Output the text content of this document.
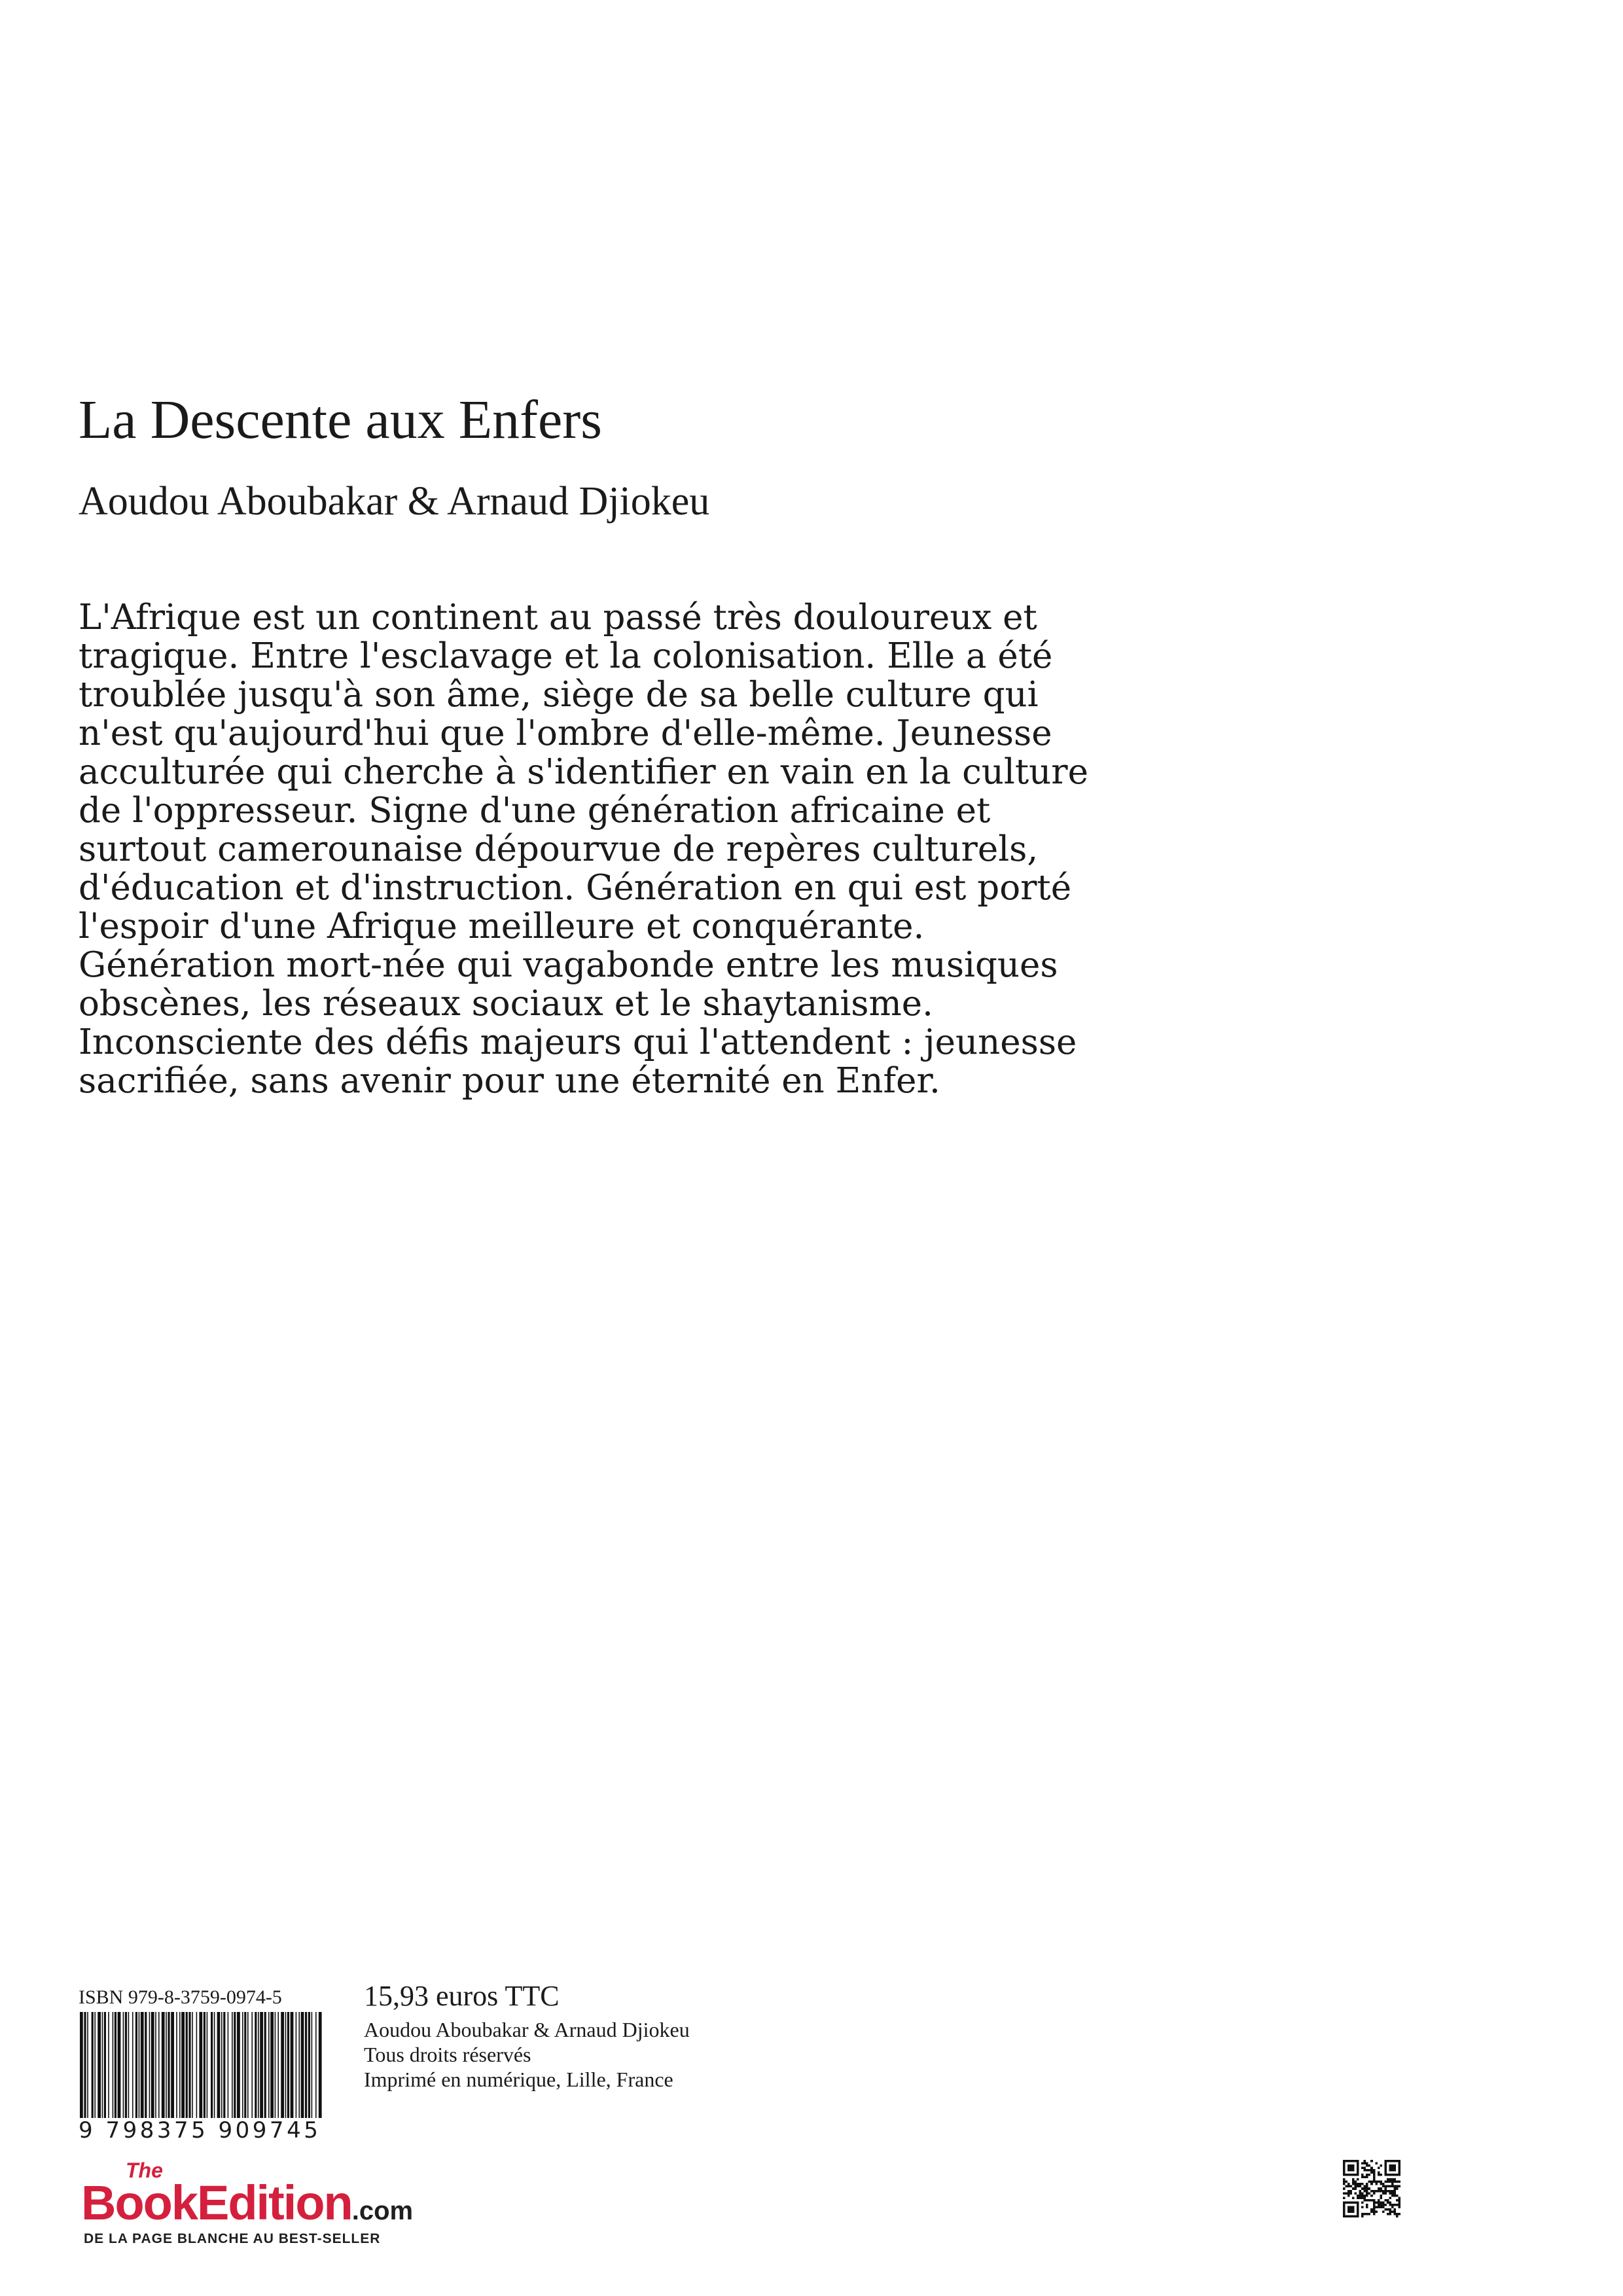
La Descente aux Enfers
Aoudou Aboubakar & Arnaud Djiokeu
L'Afrique est un continent au passé très douloureux et
tragique. Entre l'esclavage et la colonisation. Elle a été
troublée jusqu'à son âme, siège de sa belle culture qui
n'est qu'aujourd'hui que l'ombre d'elle-même. Jeunesse
acculturée qui cherche à s'identifier en vain en la culture
de l'oppresseur. Signe d'une génération africaine et
surtout camerounaise dépourvue de repères culturels,
d'éducation et d'instruction. Génération en qui est porté
l'espoir d'une Afrique meilleure et conquérante.
Génération mort-née qui vagabonde entre les musiques
obscènes, les réseaux sociaux et le shaytanisme.
Inconsciente des défis majeurs qui l'attendent : jeunesse
sacrifiée, sans avenir pour une éternité en Enfer.
ISBN 979-8-3759-0974-5
9 798375 909745
15,93 euros TTC
Aoudou Aboubakar & Arnaud Djiokeu
Tous droits réservés
Imprimé en numérique, Lille, France
The
BookEdition.com
DE LA PAGE BLANCHE AU BEST-SELLER
